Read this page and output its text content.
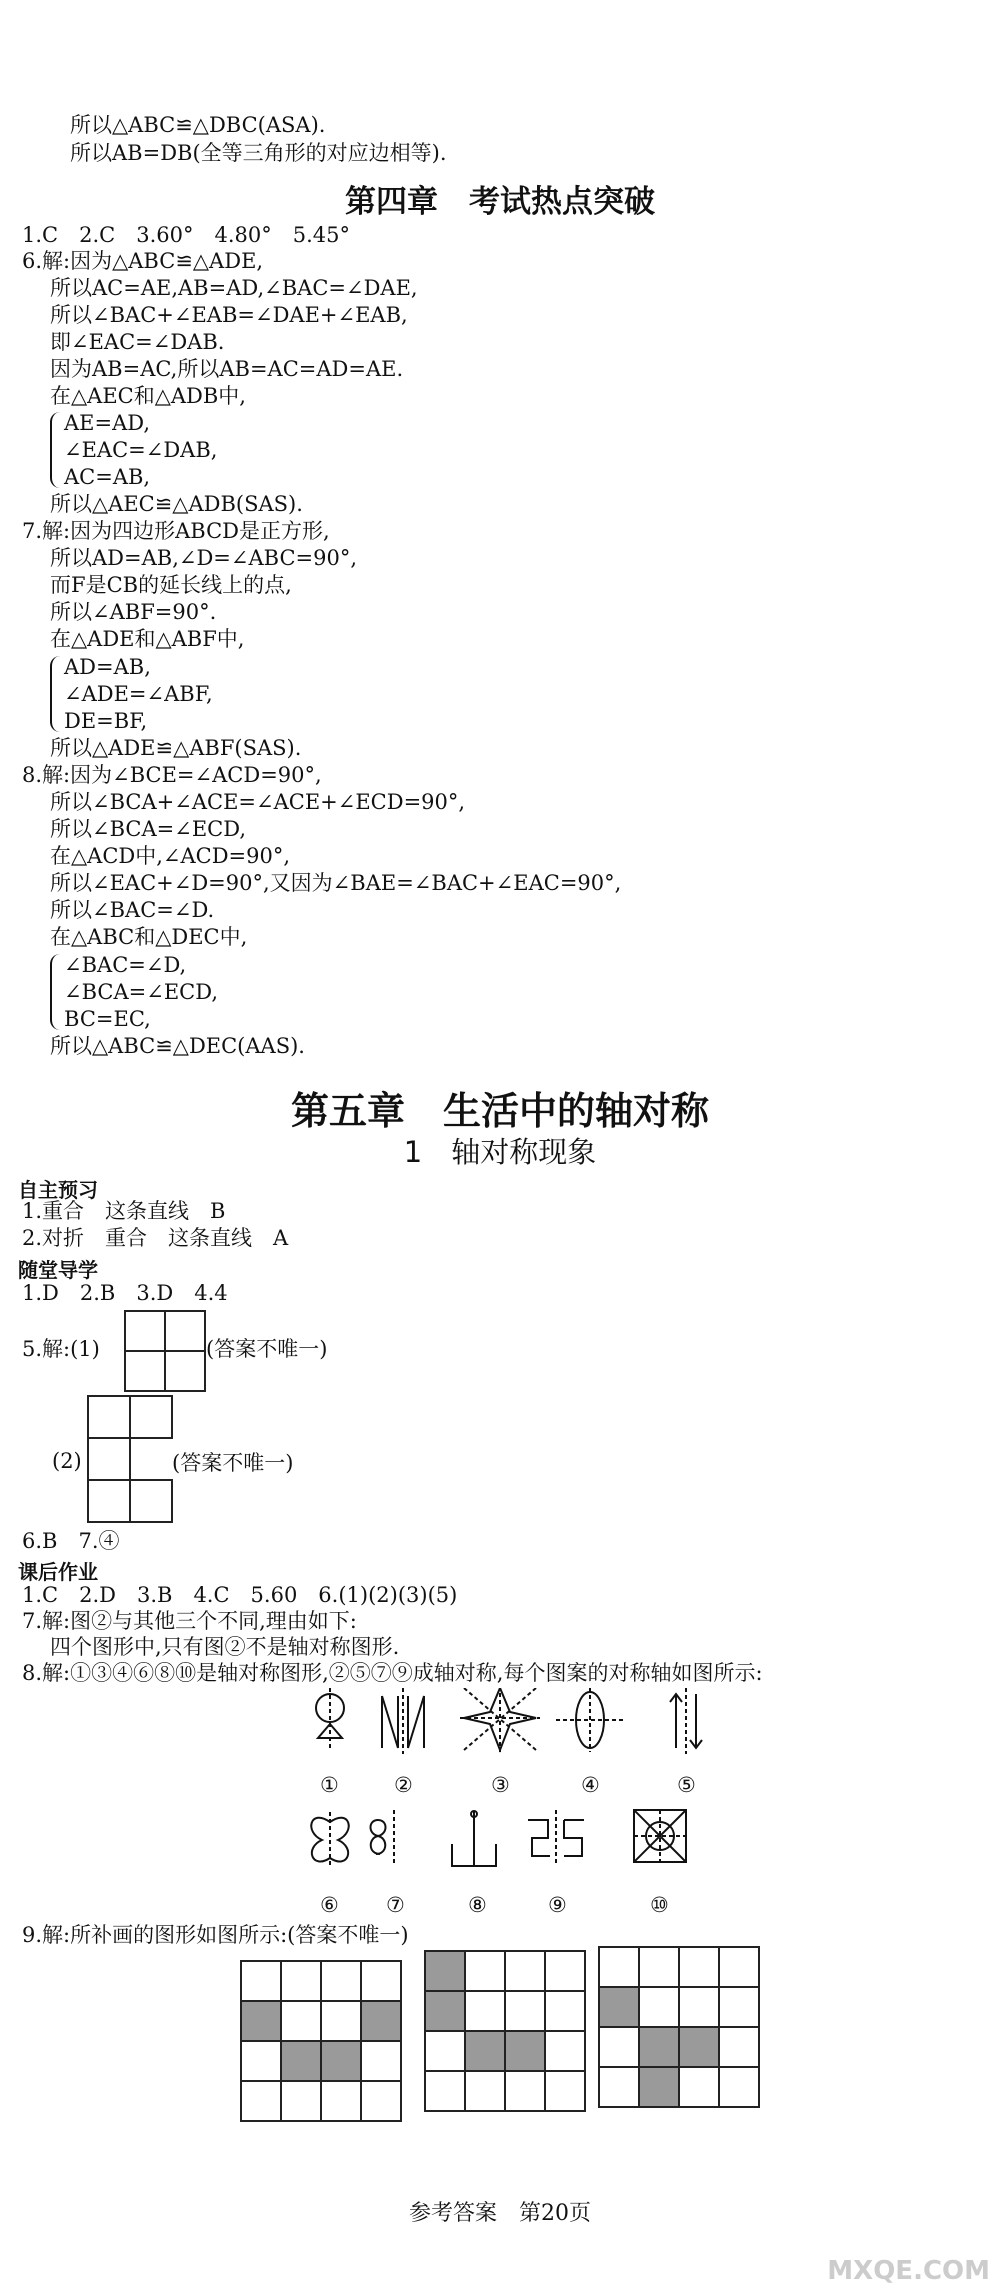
所以△ABC≌△DBC(ASA).
所以AB=DB(全等三角形的对应边相等).
第四章　考试热点突破
1.C　2.C　3.60°　4.80°　5.45°
6.解:因为△ABC≌△ADE,
所以AC=AE,AB=AD,∠BAC=∠DAE,
所以∠BAC+∠EAB=∠DAE+∠EAB,
即∠EAC=∠DAB.
因为AB=AC,所以AB=AC=AD=AE.
在△AEC和△ADB中,
AE=AD,
∠EAC=∠DAB,
AC=AB,
所以△AEC≌△ADB(SAS).
7.解:因为四边形ABCD是正方形,
所以AD=AB,∠D=∠ABC=90°,
而F是CB的延长线上的点,
所以∠ABF=90°.
在△ADE和△ABF中,
AD=AB,
∠ADE=∠ABF,
DE=BF,
所以△ADE≌△ABF(SAS).
8.解:因为∠BCE=∠ACD=90°,
所以∠BCA+∠ACE=∠ACE+∠ECD=90°,
所以∠BCA=∠ECD,
在△ACD中,∠ACD=90°,
所以∠EAC+∠D=90°,又因为∠BAE=∠BAC+∠EAC=90°,
所以∠BAC=∠D.
在△ABC和△DEC中,
∠BAC=∠D,
∠BCA=∠ECD,
BC=EC,
所以△ABC≌△DEC(AAS).
第五章　生活中的轴对称
1　轴对称现象
自主预习
1.重合　这条直线　B
2.对折　重合　这条直线　A
随堂导学
1.D　2.B　3.D　4.4
5.解:(1)

		(答案不唯一)
(2)	(答案不唯一)
6.B　7.④
课后作业
1.C　2.D　3.B　4.C　5.60　6.(1)(2)(3)(5)
7.解:图②与其他三个不同,理由如下:
四个图形中,只有图②不是轴对称图形.
8.解:①③④⑥⑧⑩是轴对称图形,②⑤⑦⑨成轴对称,每个图案的对称轴如图所示:
①	②	③	④	⑤
⑥ ⑦	⑧	⑨	⑩
9.解:所补画的图形如图所示:(答案不唯一)

参考答案　第20页
MXQE.COM
